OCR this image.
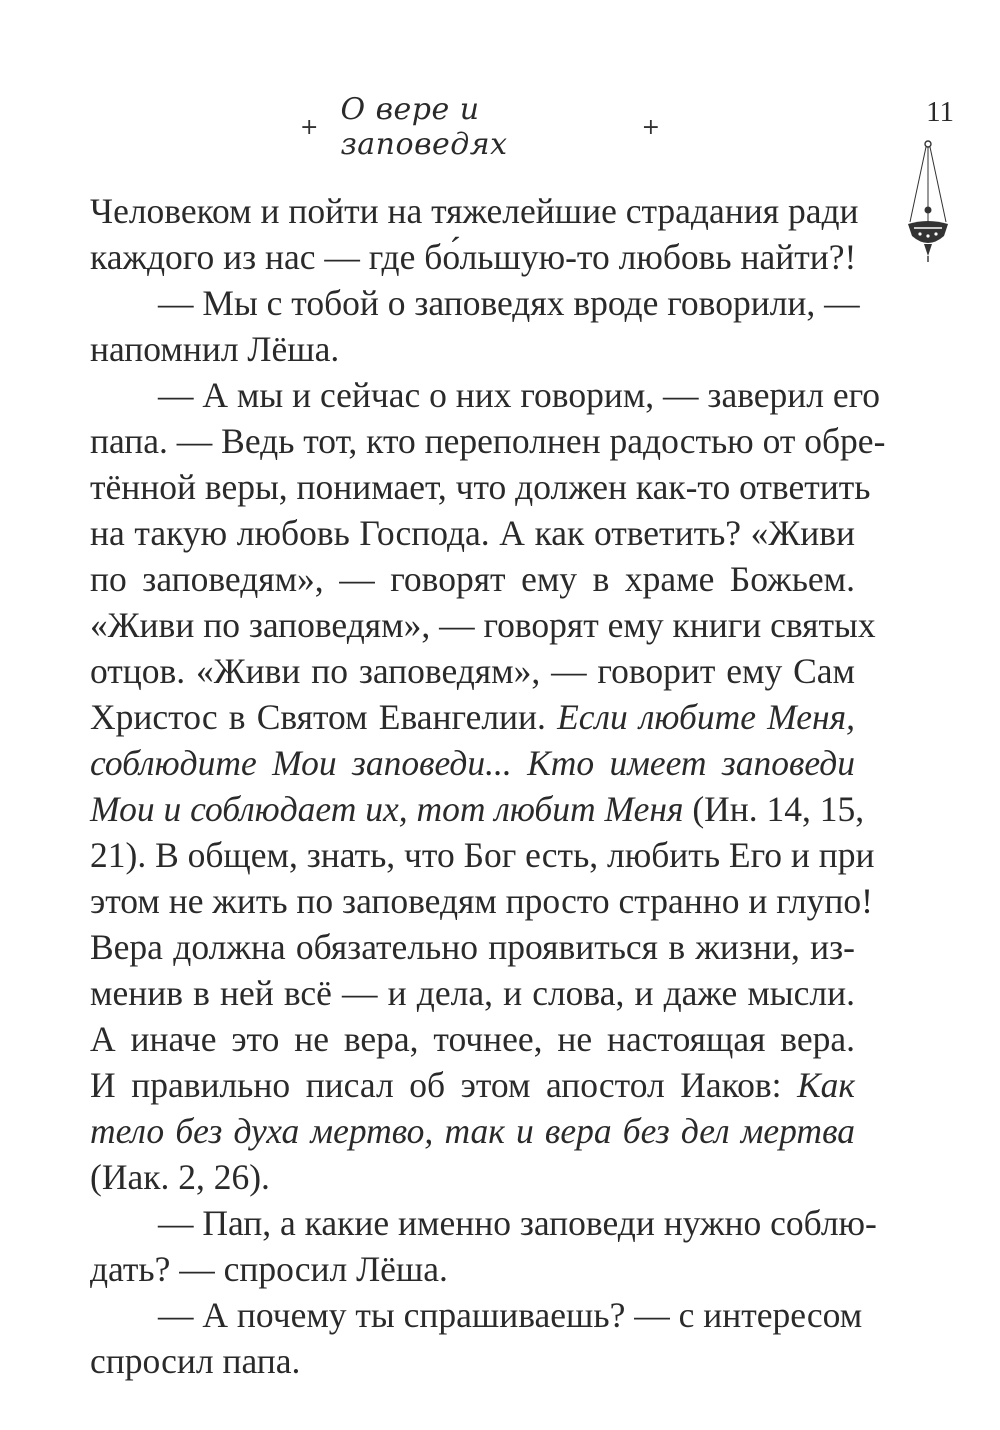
+ О вере и заповедях	+	11
Человеком и пойти на тяжелейшие страдания ради
каждого из нас — где бо́льшую-то любовь найти?!
— Мы с тобой о заповедях вроде говорили, —
напомнил Лёша.
— А мы и сейчас о них говорим, — заверил его
папа. — Ведь тот, кто переполнен радостью от обре-
тённой веры, понимает, что должен как-то ответить
на такую любовь Господа. А как ответить? «Живи
по заповедям», — говорят ему в храме Божьем.
«Живи по заповедям», — говорят ему книги святых
отцов. «Живи по заповедям», — говорит ему Сам
Христос в Святом Евангелии. Если любите Меня,
соблюдите Мои заповеди... Кто имеет заповеди
Мои и соблюдает их, тот любит Меня (Ин. 14, 15,
21). В общем, знать, что Бог есть, любить Его и при
этом не жить по заповедям просто странно и глупо!
Вера должна обязательно проявиться в жизни, из-
менив в ней всё — и дела, и слова, и даже мысли.
А иначе это не вера, точнее, не настоящая вера.
И правильно писал об этом апостол Иаков: Как
тело без духа мертво, так и вера без дел мертва
(Иак. 2, 26).
— Пап, а какие именно заповеди нужно соблю-
дать? — спросил Лёша.
— А почему ты спрашиваешь? — с интересом
спросил папа.
